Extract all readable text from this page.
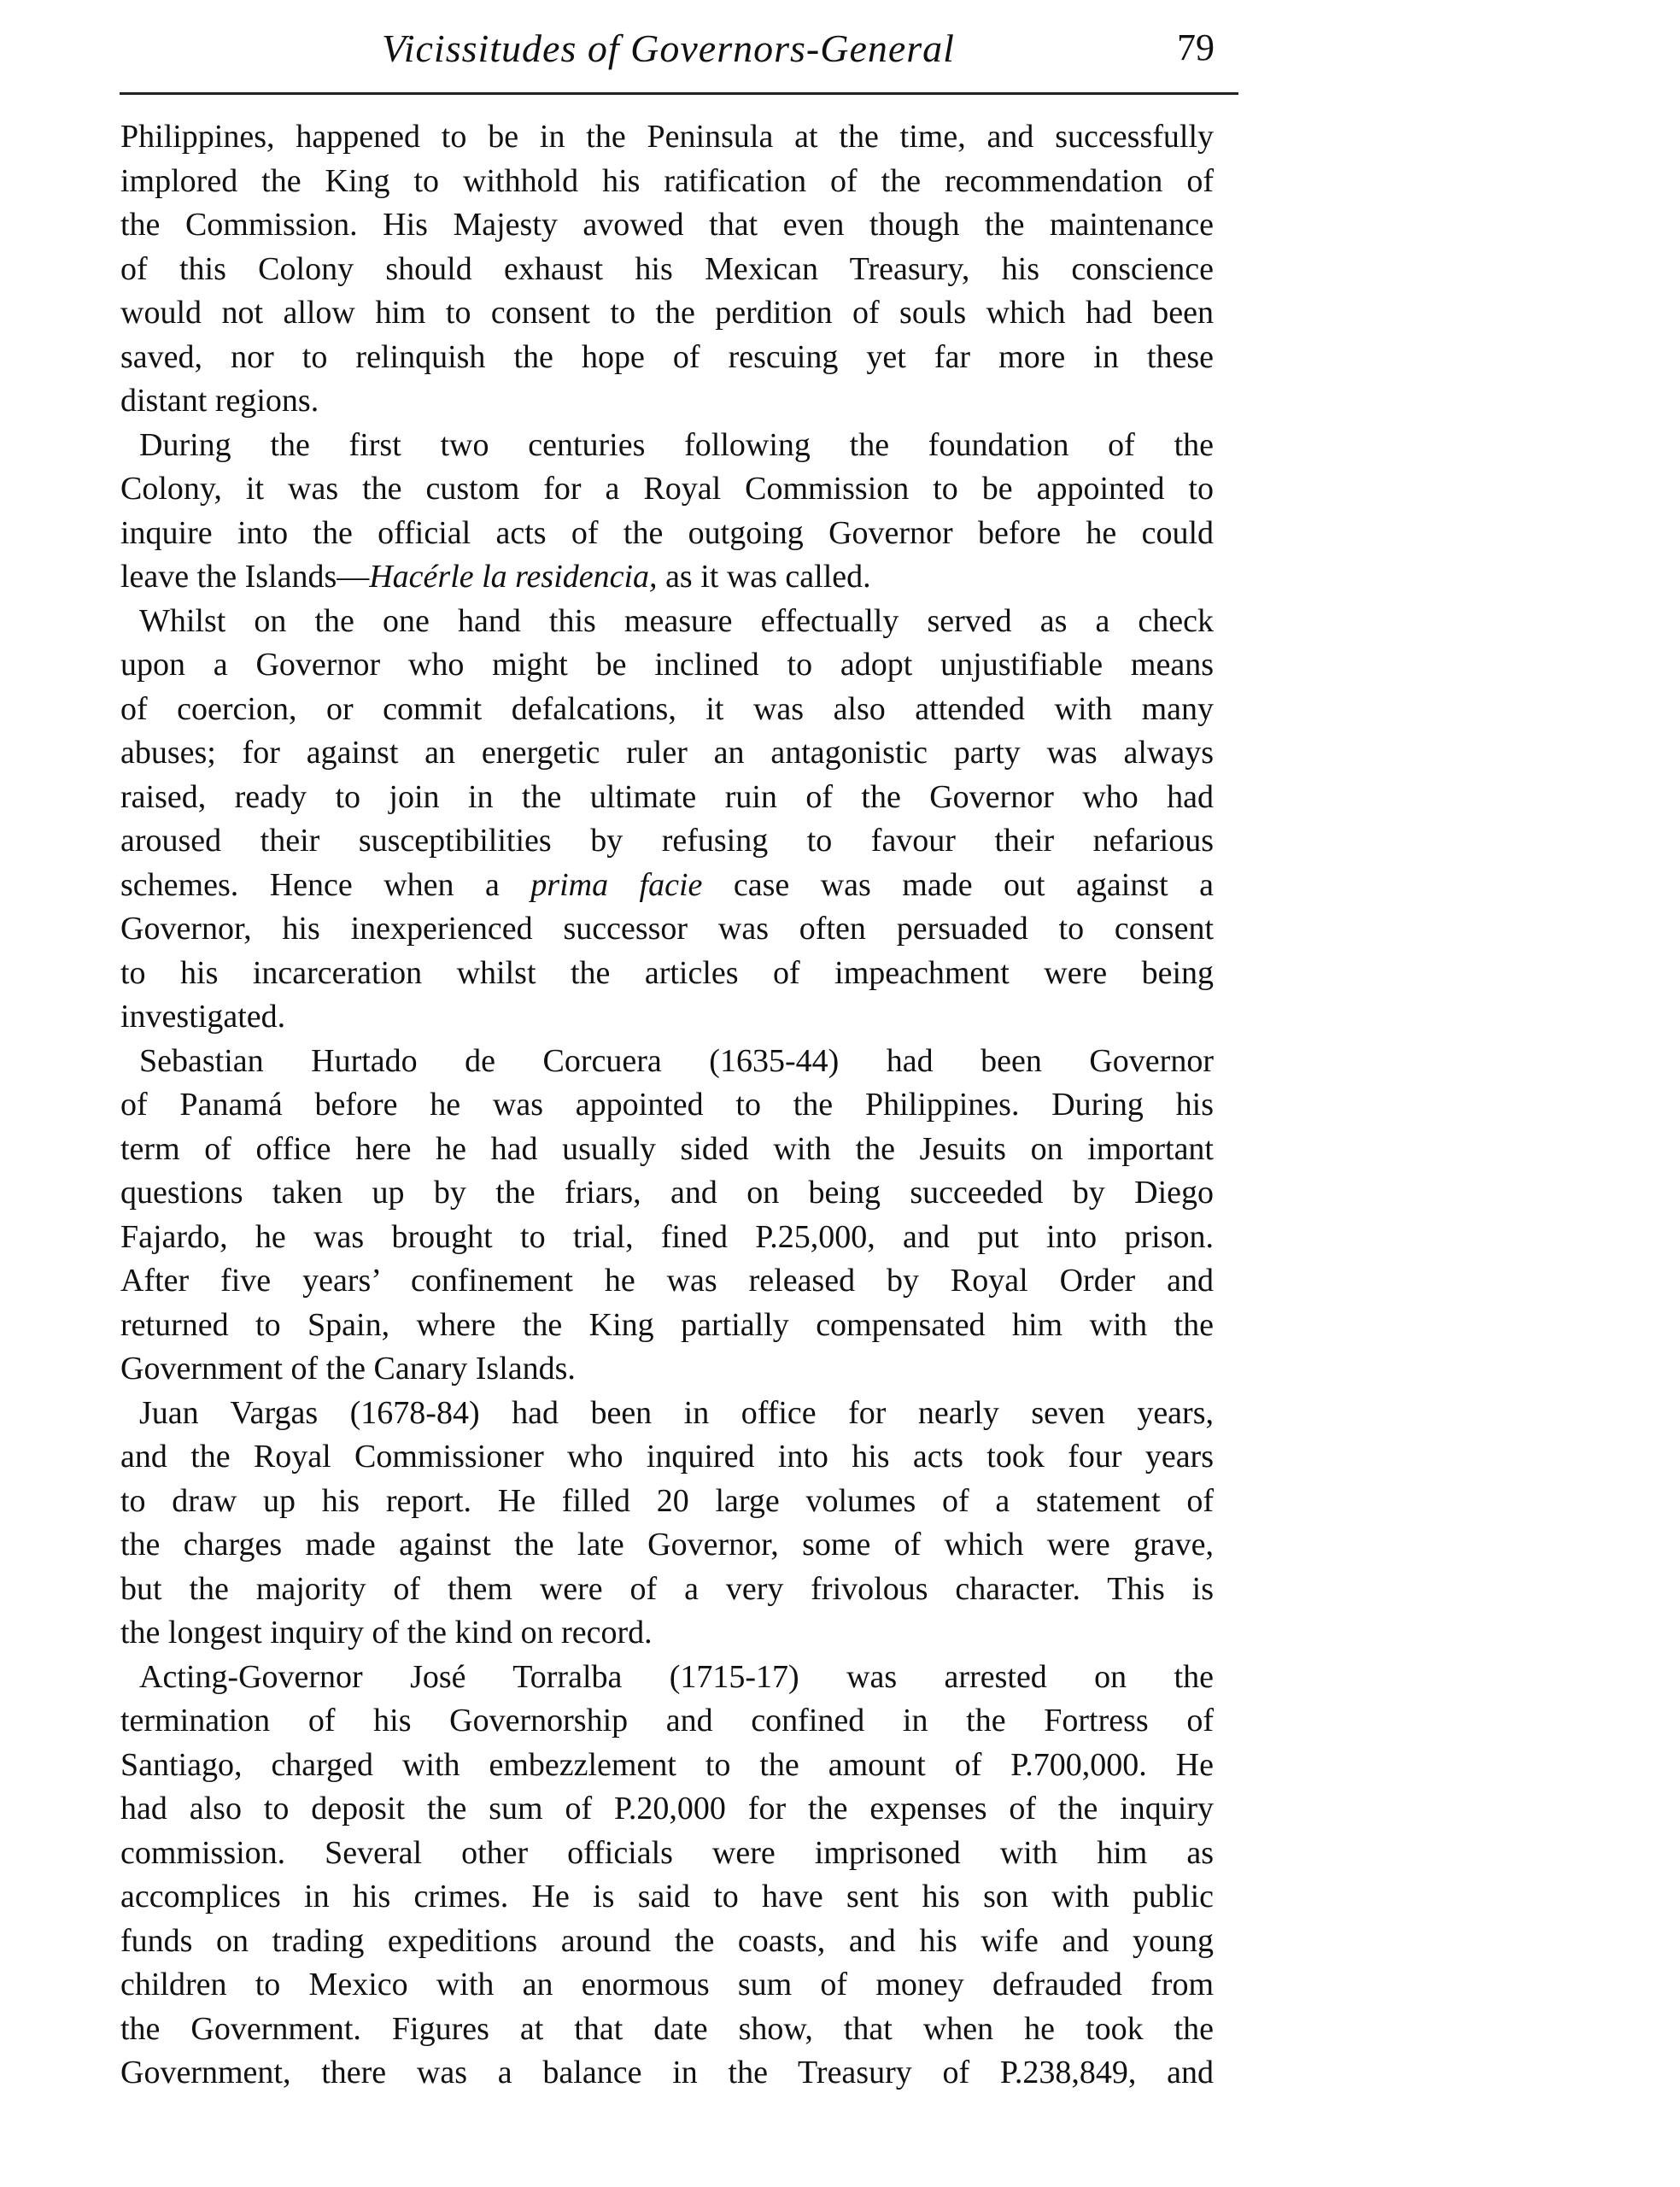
Vicissitudes of Governors-General	79
Philippines, happened to be in the Peninsula at the time, and successfully
implored the King to withhold his ratification of the recommendation of
the Commission. His Majesty avowed that even though the maintenance
of this Colony should exhaust his Mexican Treasury, his conscience
would not allow him to consent to the perdition of souls which had been
saved, nor to relinquish the hope of rescuing yet far more in these
distant regions.
During the first two centuries following the foundation of the
Colony, it was the custom for a Royal Commission to be appointed to
inquire into the official acts of the outgoing Governor before he could
leave the Islands—Hacérle la residencia, as it was called.
Whilst on the one hand this measure effectually served as a check
upon a Governor who might be inclined to adopt unjustifiable means
of coercion, or commit defalcations, it was also attended with many
abuses; for against an energetic ruler an antagonistic party was always
raised, ready to join in the ultimate ruin of the Governor who had
aroused their susceptibilities by refusing to favour their nefarious
schemes. Hence when a prima facie case was made out against a
Governor, his inexperienced successor was often persuaded to consent
to his incarceration whilst the articles of impeachment were being
investigated.
Sebastian Hurtado de Corcuera (1635-44) had been Governor
of Panamá before he was appointed to the Philippines. During his
term of office here he had usually sided with the Jesuits on important
questions taken up by the friars, and on being succeeded by Diego
Fajardo, he was brought to trial, fined P.25,000, and put into prison.
After five years’ confinement he was released by Royal Order and
returned to Spain, where the King partially compensated him with the
Government of the Canary Islands.
Juan Vargas (1678-84) had been in office for nearly seven years,
and the Royal Commissioner who inquired into his acts took four years
to draw up his report. He filled 20 large volumes of a statement of
the charges made against the late Governor, some of which were grave,
but the majority of them were of a very frivolous character. This is
the longest inquiry of the kind on record.
Acting-Governor José Torralba (1715-17) was arrested on the
termination of his Governorship and confined in the Fortress of
Santiago, charged with embezzlement to the amount of P.700,000. He
had also to deposit the sum of P.20,000 for the expenses of the inquiry
commission. Several other officials were imprisoned with him as
accomplices in his crimes. He is said to have sent his son with public
funds on trading expeditions around the coasts, and his wife and young
children to Mexico with an enormous sum of money defrauded from
the Government. Figures at that date show, that when he took the
Government, there was a balance in the Treasury of P.238,849, and
